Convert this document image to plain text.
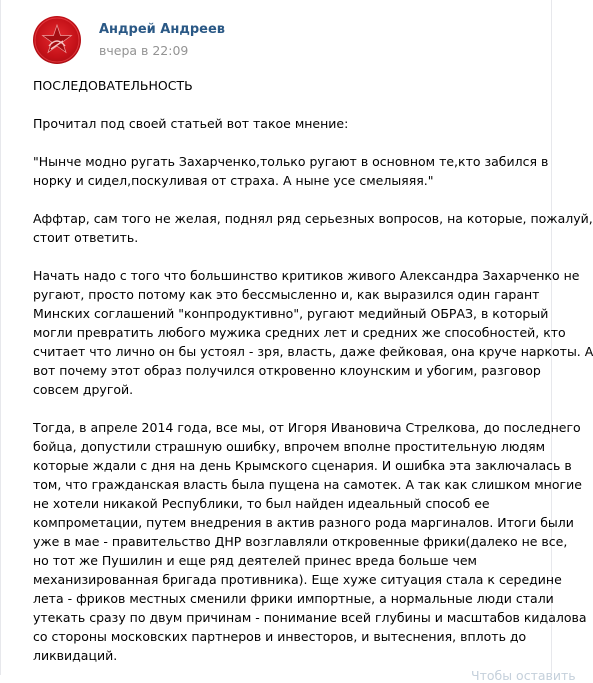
Андрей Андреев
вчера в 22:09

ПОСЛЕДОВАТЕЛЬНОСТЬ

Прочитал под своей статьей вот такое мнение:

"Нынче модно ругать Захарченко,только ругают в основном те,кто забился в
норку и сидел,поскуливая от страха. А ныне усе смелыяяя."

Аффтар, сам того не желая, поднял ряд серьезных вопросов, на которые, пожалуй,
стоит ответить.

Начать надо с того что большинство критиков живого Александра Захарченко не
ругают, просто потому как это бессмысленно и, как выразился один гарант
Минских соглашений "конпродуктивно", ругают медийный ОБРАЗ, в который
могли превратить любого мужика средних лет и средних же способностей, кто
считает что лично он бы устоял - зря, власть, даже фейковая, она круче наркоты. А
вот почему этот образ получился откровенно клоунским и убогим, разговор
совсем другой.

Тогда, в апреле 2014 года, все мы, от Игоря Ивановича Стрелкова, до последнего
бойца, допустили страшную ошибку, впрочем вполне простительную людям
которые ждали с дня на день Крымского сценария. И ошибка эта заключалась в
том, что гражданская власть была пущена на самотек. А так как слишком многие
не хотели никакой Республики, то был найден идеальный способ ее
компрометации, путем внедрения в актив разного рода маргиналов. Итоги были
уже в мае - правительство ДНР возглавляли откровенные фрики(далеко не все,
но тот же Пушилин и еще ряд деятелей принес вреда больше чем
механизированная бригада противника). Еще хуже ситуация стала к середине
лета - фриков местных сменили фрики импортные, а нормальные люди стали
утекать сразу по двум причинам - понимание всей глубины и масштабов кидалова
со стороны московских партнеров и инвесторов, и вытеснения, вплоть до
ликвидаций.

Чтобы оставить
